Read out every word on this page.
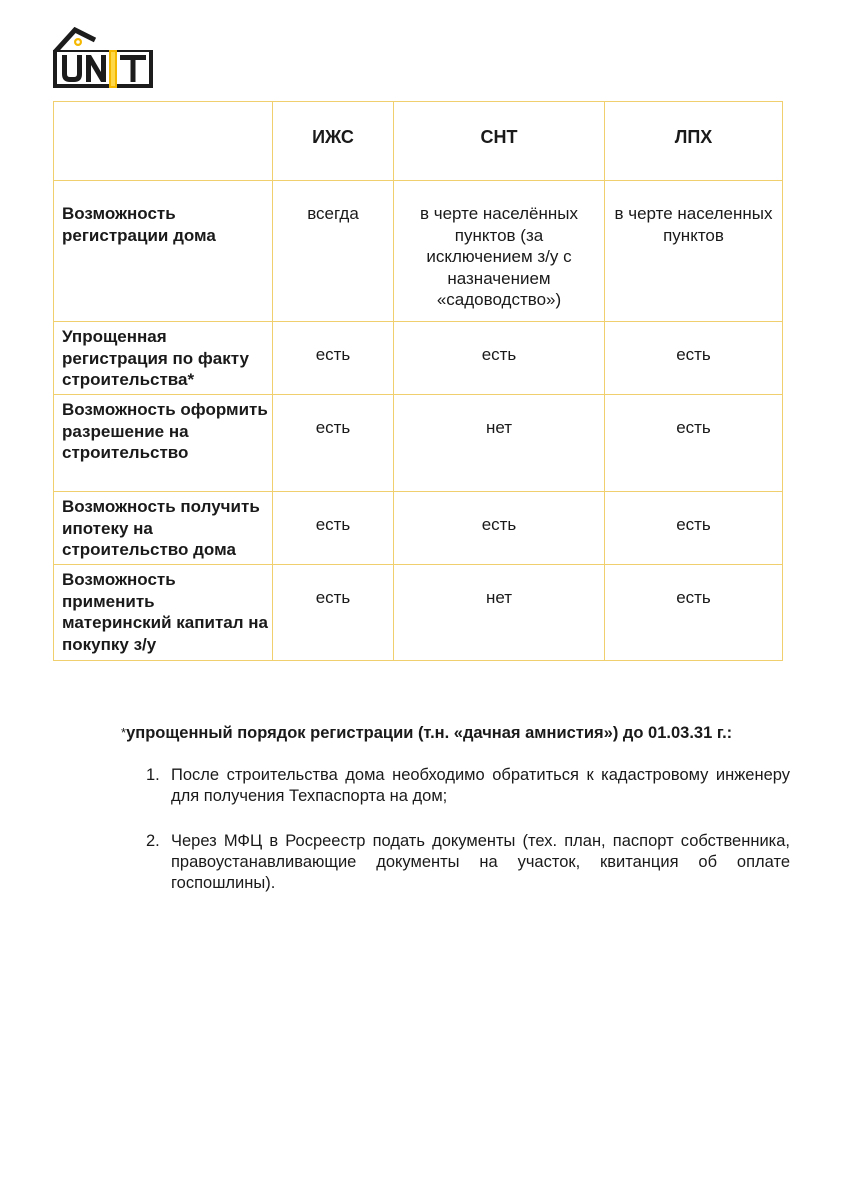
	ИЖС	СНТ	ЛПХ
Возможность регистрации дома	всегда	в черте населённых пунктов (за исключением з/у с назначением «садоводство»)	в черте населенных пунктов
Упрощенная регистрация по факту строительства*	есть	есть	есть
Возможность оформить разрешение на строительство	есть	нет	есть
Возможность получить ипотеку на строительство дома	есть	есть	есть
Возможность применить материнский капитал на покупку з/у	есть	нет	есть
*упрощенный порядок регистрации (т.н. «дачная амнистия») до 01.03.31 г.:
1. После строительства дома необходимо обратиться к кадастровому инженеру для получения Техпаспорта на дом;
2. Через МФЦ в Росреестр подать документы (тех. план, паспорт собственника, правоустанавливающие документы на участок, квитанция об оплате госпошлины).
